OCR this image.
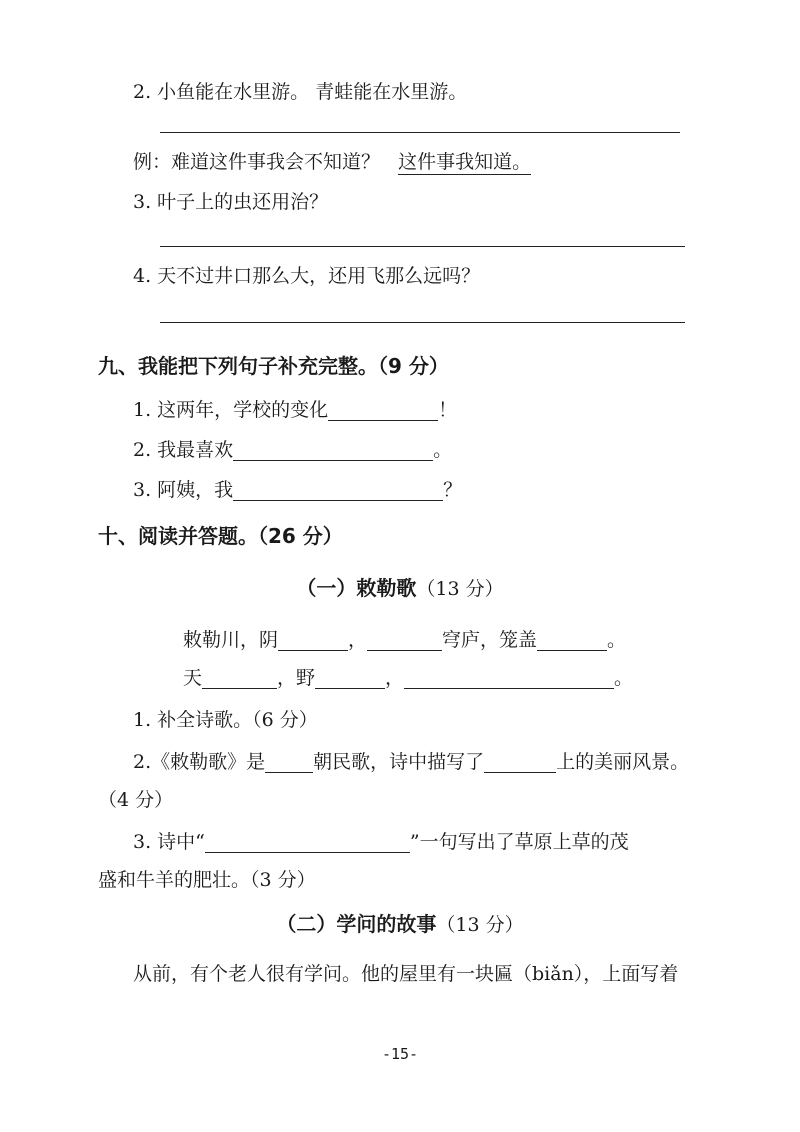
2. 小鱼能在水里游。 青蛙能在水里游。
例：难道这件事我会不知道？ 这件事我知道。
3. 叶子上的虫还用治？
4. 天不过井口那么大，还用飞那么远吗？
九、我能把下列句子补充完整。（9 分）
1. 这两年，学校的变化	！
2. 我最喜欢	。
3. 阿姨，我	？
十、阅读并答题。（26 分）
（一）敕勒歌（13 分）
敕勒川，阴	，	穹庐，笼盖	。
天	，野	，	。
1. 补全诗歌。（6 分）
2.《敕勒歌》是	朝民歌，诗中描写了	上的美丽风景。
（4 分）
3. 诗中“	”一句写出了草原上草的茂
盛和牛羊的肥壮。（3 分）
（二）学问的故事（13 分）
从前，有个老人很有学问。他的屋里有一块匾（biǎn），上面写着
-15-
